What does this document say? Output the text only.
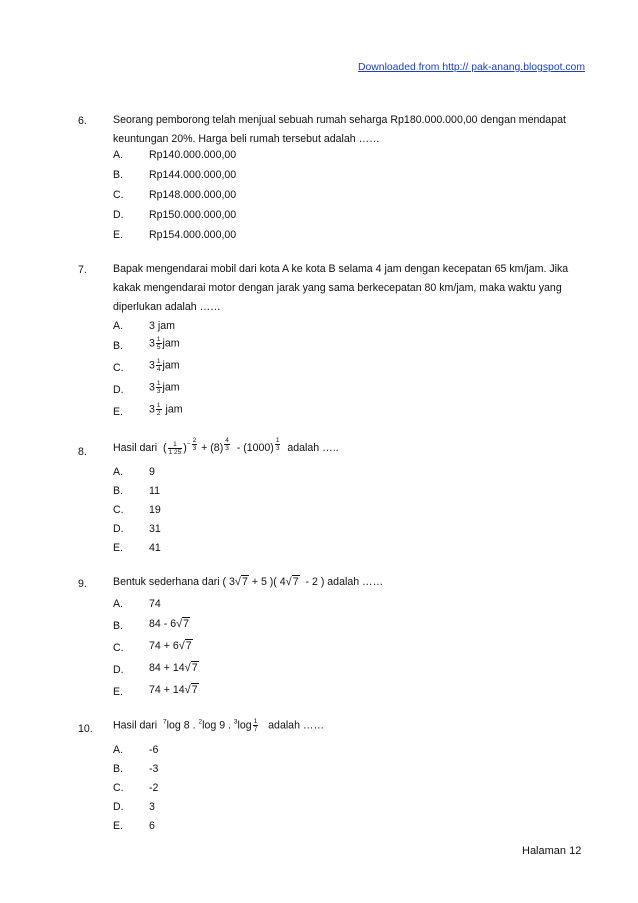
Downloaded from http:// pak-anang.blogspot.com
6. Seorang pemborong telah menjual sebuah rumah seharga Rp180.000.000,00 dengan mendapat
keuntungan 20%. Harga beli rumah tersebut adalah ……
A. Rp140.000.000,00
B. Rp144.000.000,00
C. Rp148.000.000,00
D. Rp150.000.000,00
E. Rp154.000.000,00
7. Bapak mengendarai mobil dari kota A ke kota B selama 4 jam dengan kecepatan 65 km/jam. Jika
kakak mengendarai motor dengan jarak yang sama berkecepatan 80 km/jam, maka waktu yang
diperlukan adalah ……
A. 3 jam
B. $3 \frac{1}{5}$ jam
C. $3 \frac{1}{4}$ jam
D. $3 \frac{1}{3}$ jam
E. $3 \frac{1}{2}$ jam
8. Hasil dari  ( $\frac{1}{1 25} )^{- \frac{2}{3}} + (8)$ $^{\frac{4}{3}}$ - (1000) $^{\frac{1}{3}}$ adalah …..
A. 9
B. 11
C. 19
D. 31
E. 41
9. Bentuk sederhana dari ( 3√7 + 5 )( 4√7 - 2 ) adalah ……
A. 74
B. 84 - 6√7
C. 74 + 6√7
D. 84 + 14√7
E. 74 + 14√7
10. Hasil dari $^7$log 8 . $^2$log 9 . $^3\log \frac{1}{7}$ adalah ……
A. -6
B. -3
C. -2
D. 3
E. 6
Halaman 12
